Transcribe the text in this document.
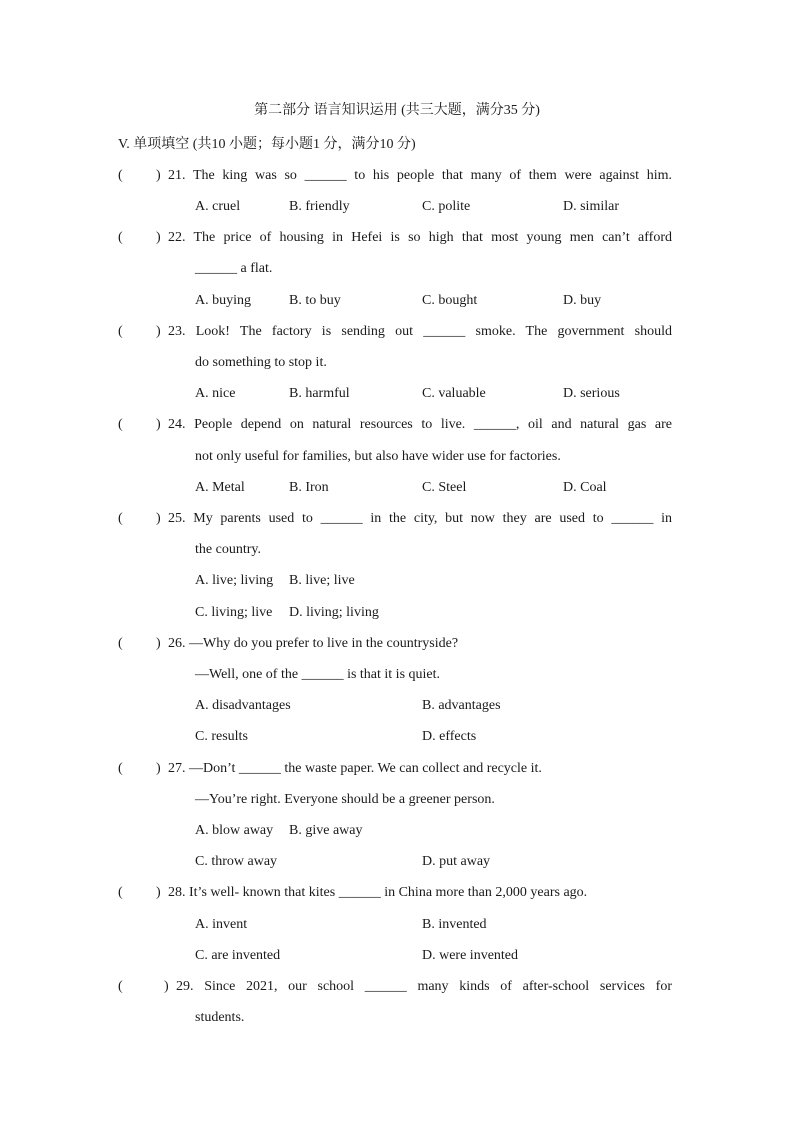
第二部分 语言知识运用 (共三大题，满分35 分)
V. 单项填空 (共10 小题；每小题1 分，满分10 分)
( ) 21. The king was so ______ to his people that many of them were against him.
A. cruel	B. friendly	C. polite	D. similar
( ) 22. The price of housing in Hefei is so high that most young men can’t afford
______ a flat.
A. buying	B. to buy	C. bought	D. buy
( ) 23. Look! The factory is sending out ______ smoke. The government should
do something to stop it.
A. nice	B. harmful	C. valuable	D. serious
( ) 24. People depend on natural resources to live. ______, oil and natural gas are
not only useful for families, but also have wider use for factories.
A. Metal	B. Iron	C. Steel	D. Coal
( ) 25. My parents used to ______ in the city, but now they are used to ______ in
the country.
A. live; living B. live; live
C. living; live D. living; living
( ) 26. —Why do you prefer to live in the countryside?
—Well, one of the ______ is that it is quiet.
A. disadvantages	B. advantages
C. results	D. effects
( ) 27. —Don’t ______ the waste paper. We can collect and recycle it.
—You’re right. Everyone should be a greener person.
A. blow away B. give away
C. throw away	D. put away
( ) 28. It’s well- known that kites ______ in China more than 2,000 years ago.
A. invent	B. invented
C. are invented	D. were invented
(	) 29. Since 2021, our school ______ many kinds of after-school services for
students.
